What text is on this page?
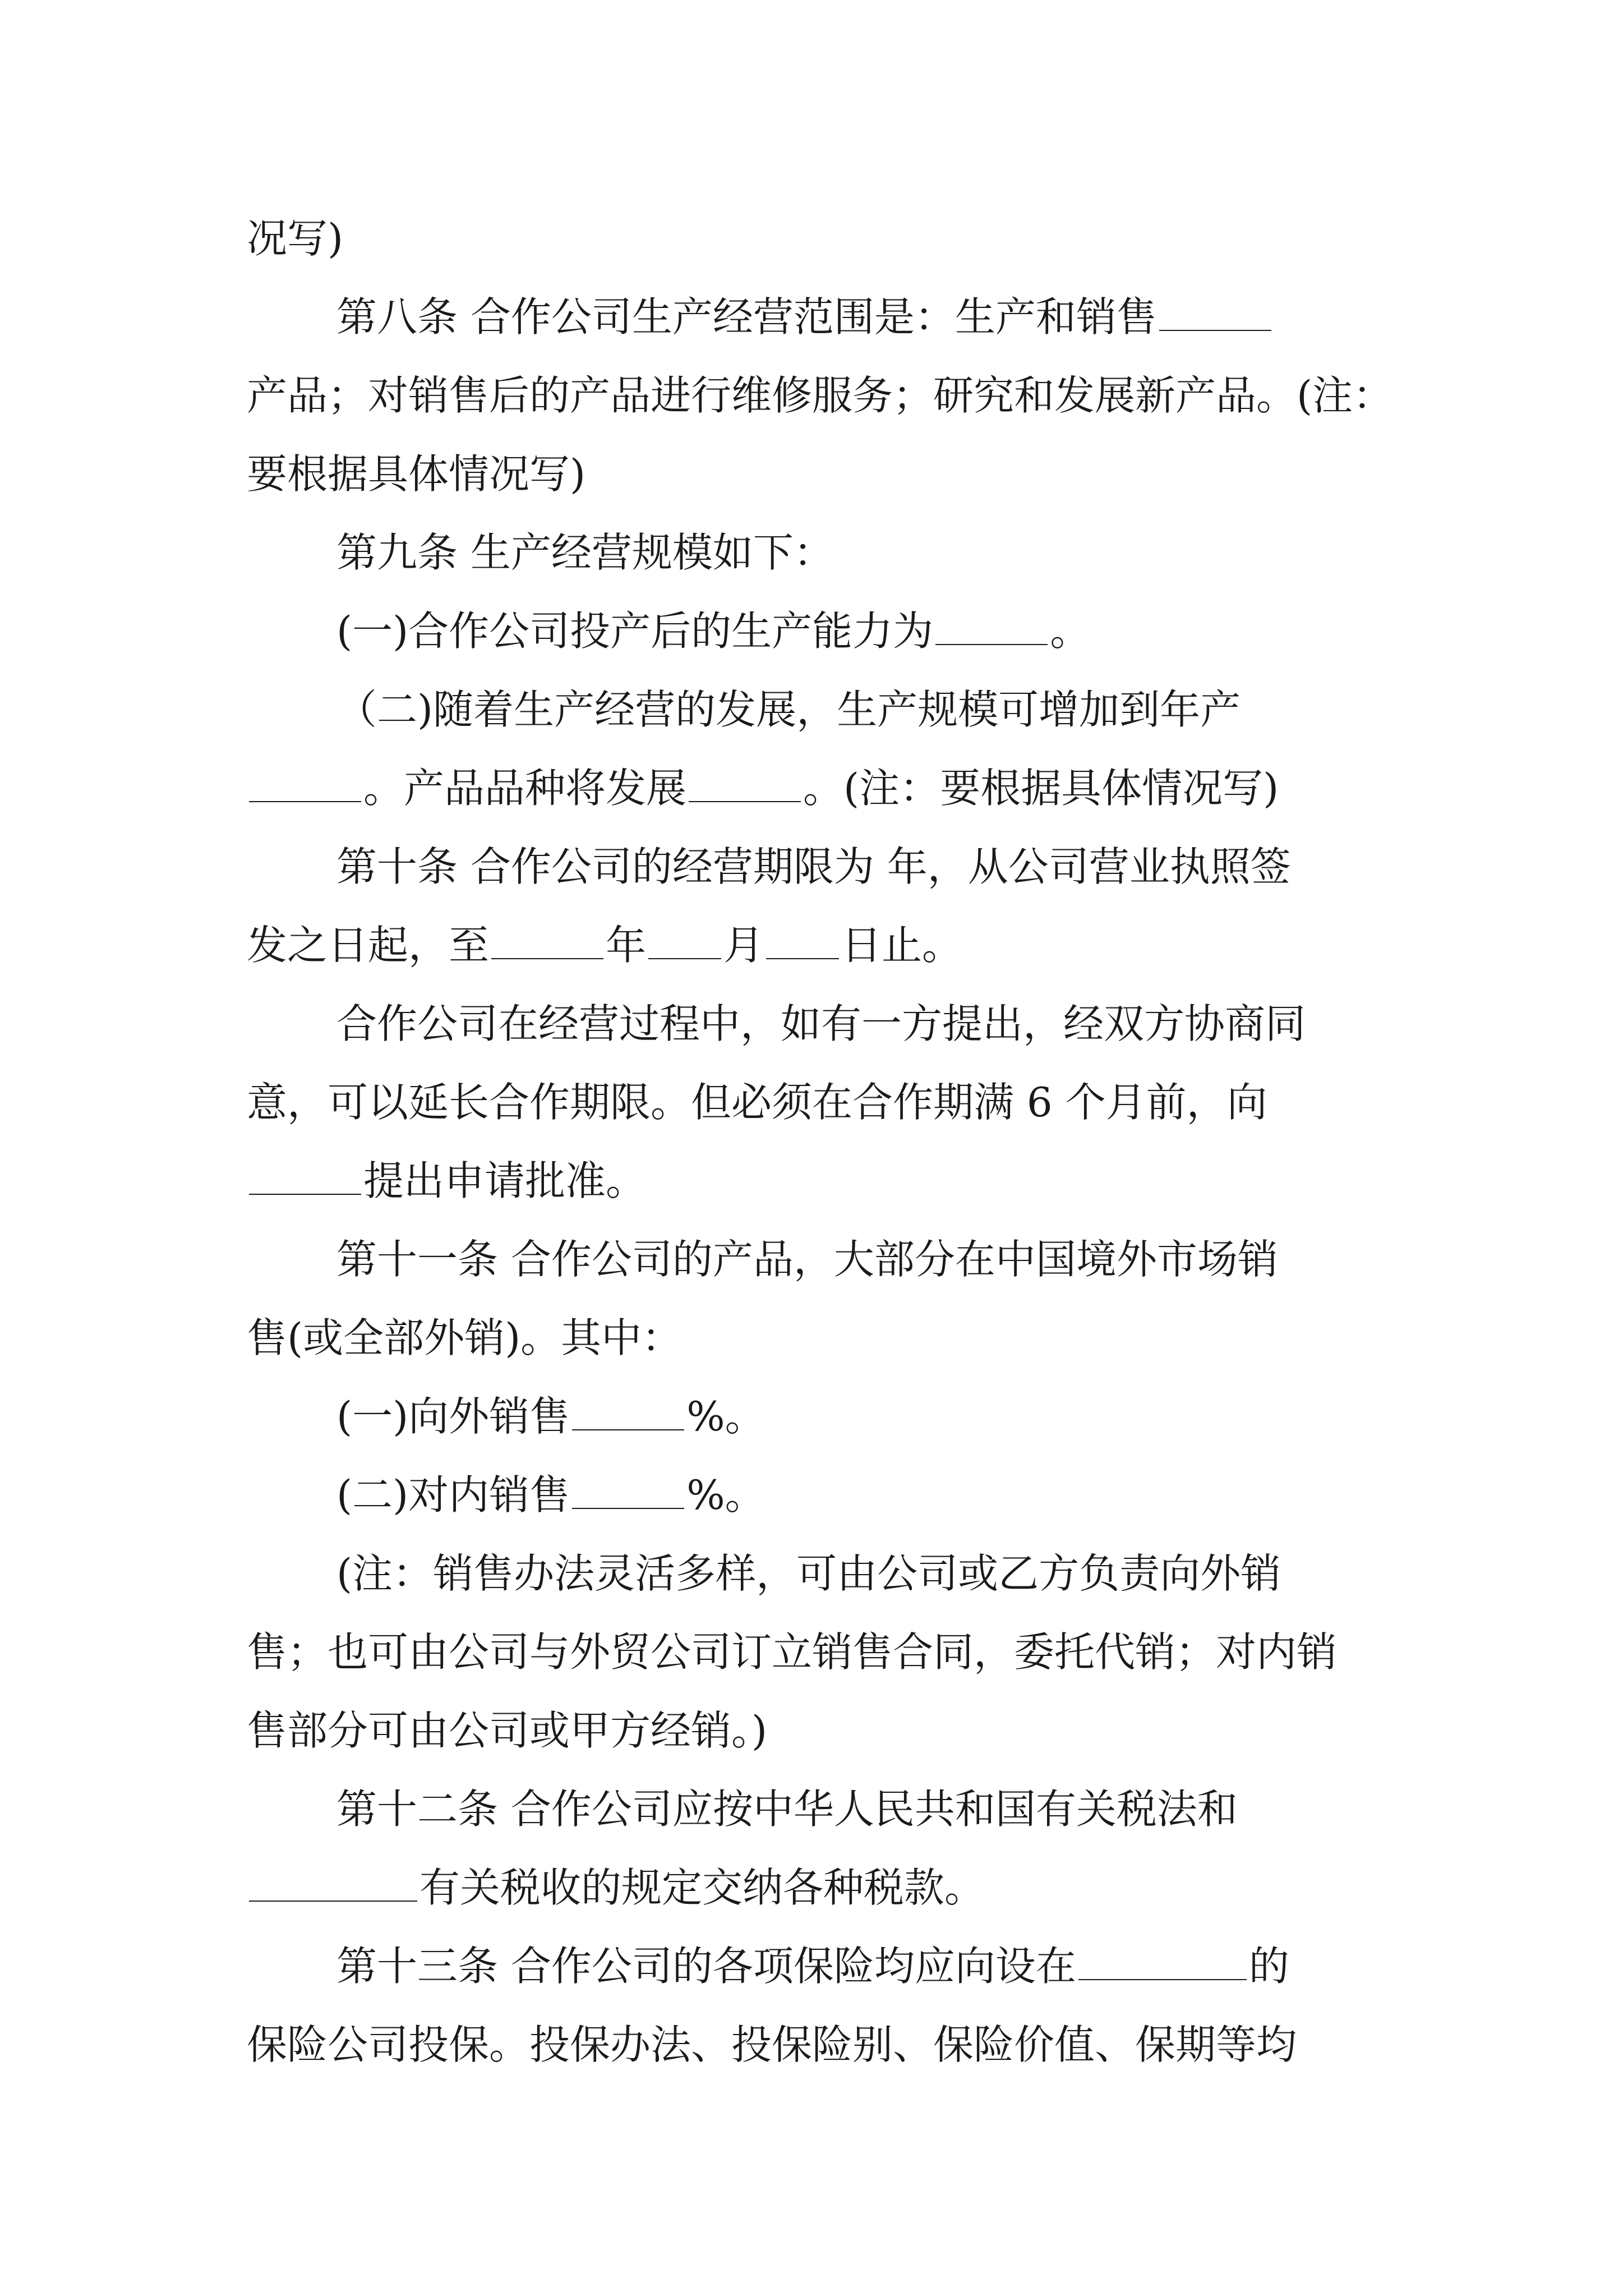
况写)
第八条 合作公司生产经营范围是：生产和销售
产品；对销售后的产品进行维修服务；研究和发展新产品。(注：
要根据具体情况写)
第九条 生产经营规模如下：
(一)合作公司投产后的生产能力为	。
（二)随着生产经营的发展，生产规模可增加到年产
。产品品种将发展	。(注：要根据具体情况写)
第十条 合作公司的经营期限为 年，从公司营业执照签
发之日起，至	年 月 日止。
合作公司在经营过程中，如有一方提出，经双方协商同
意，可以延长合作期限。但必须在合作期满 6 个月前，向
提出申请批准。
第十一条 合作公司的产品，大部分在中国境外市场销
售(或全部外销)。其中：
(一)向外销售	%。
(二)对内销售	%。
(注：销售办法灵活多样，可由公司或乙方负责向外销
售；也可由公司与外贸公司订立销售合同，委托代销；对内销
售部分可由公司或甲方经销。)
第十二条 合作公司应按中华人民共和国有关税法和
有关税收的规定交纳各种税款。
第十三条 合作公司的各项保险均应向设在	的
保险公司投保。投保办法、投保险别、保险价值、保期等均
